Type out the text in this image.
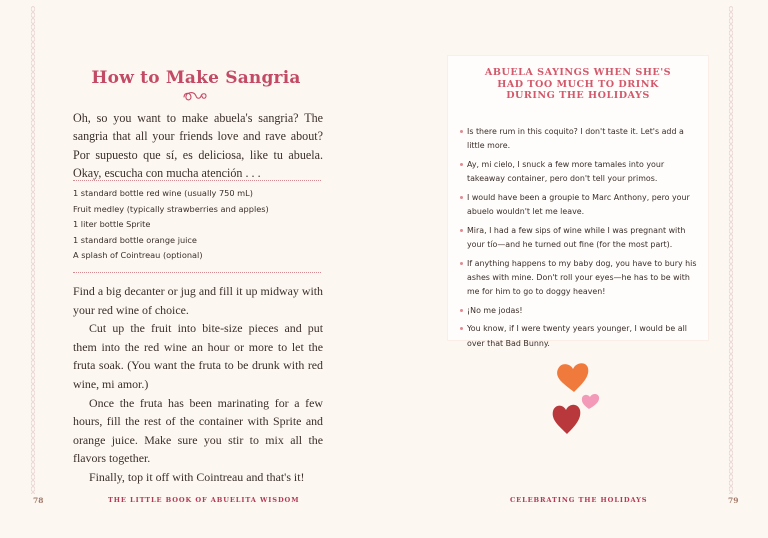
How to Make Sangria

Oh, so you want to make abuela's sangria? The sangria that all your friends love and rave about? Por supuesto que sí, es deliciosa, like tu abuela. Okay, escucha con mucha atención . . .

1 standard bottle red wine (usually 750 mL)
Fruit medley (typically strawberries and apples)
1 liter bottle Sprite
1 standard bottle orange juice
A splash of Cointreau (optional)

Find a big decanter or jug and fill it up midway with your red wine of choice.

Cut up the fruit into bite-size pieces and put them into the red wine an hour or more to let the fruta soak. (You want the fruta to be drunk with red wine, mi amor.)

Once the fruta has been marinating for a few hours, fill the rest of the container with Sprite and orange juice. Make sure you stir to mix all the flavors together.

Finally, top it off with Cointreau and that's it!

78	THE LITTLE BOOK OF ABUELITA WISDOM
ABUELA SAYINGS WHEN SHE'S
HAD TOO MUCH TO DRINK
DURING THE HOLIDAYS
Is there rum in this coquito? I don't taste it. Let's add a little more.
Ay, mi cielo, I snuck a few more tamales into your takeaway container, pero don't tell your primos.
I would have been a groupie to Marc Anthony, pero your abuelo wouldn't let me leave.
Mira, I had a few sips of wine while I was pregnant with your tío—and he turned out fine (for the most part).
If anything happens to my baby dog, you have to bury his ashes with mine. Don't roll your eyes—he has to be with me for him to go to doggy heaven!
¡No me jodas!
You know, if I were twenty years younger, I would be all over that Bad Bunny.
79
CELEBRATING THE HOLIDAYS
